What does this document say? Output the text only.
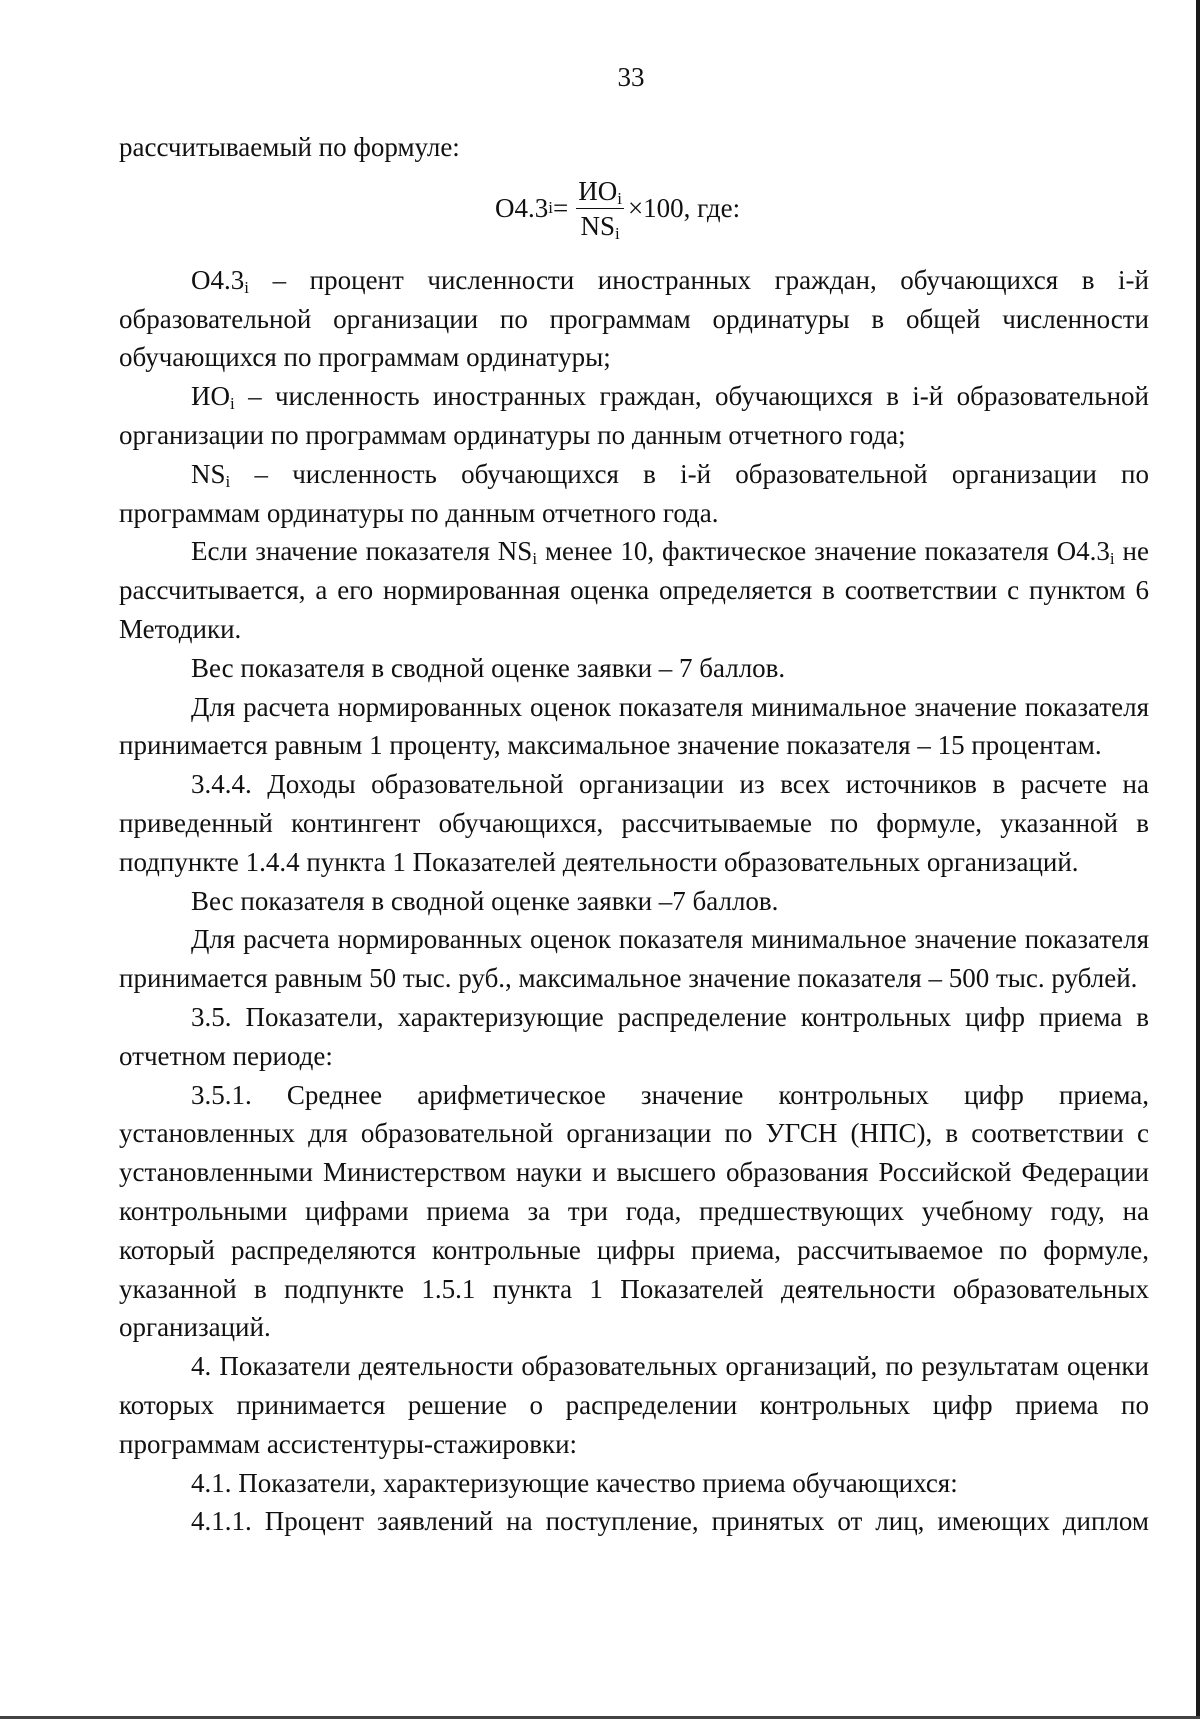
33

рассчитываемый по формуле:

О4.3 $i = \frac{ИО_i}{NS_i} \times 100$, где:

$О4.3_i$ – процент численности иностранных граждан, обучающихся в i-й образовательной организации по программам ординатуры в общей численности обучающихся по программам ординатуры;

$ИО_i$ – численность иностранных граждан, обучающихся в i-й образовательной организации по программам ординатуры по данным отчетного года;

$NS_i$ – численность обучающихся в i-й образовательной организации по программам ординатуры по данным отчетного года.

Если значение показателя $NS_i$ менее 10, фактическое значение показателя $О4.3_i$ не рассчитывается, а его нормированная оценка определяется в соответствии с пунктом 6 Методики.

Вес показателя в сводной оценке заявки – 7 баллов.

Для расчета нормированных оценок показателя минимальное значение показателя принимается равным 1 проценту, максимальное значение показателя – 15 процентам.

3.4.4. Доходы образовательной организации из всех источников в расчете на приведенный контингент обучающихся, рассчитываемые по формуле, указанной в подпункте 1.4.4 пункта 1 Показателей деятельности образовательных организаций.

Вес показателя в сводной оценке заявки –7 баллов.

Для расчета нормированных оценок показателя минимальное значение показателя принимается равным 50 тыс. руб., максимальное значение показателя – 500 тыс. рублей.

3.5. Показатели, характеризующие распределение контрольных цифр приема в отчетном периоде:

3.5.1. Среднее арифметическое значение контрольных цифр приема, установленных для образовательной организации по УГСН (НПС), в соответствии с установленными Министерством науки и высшего образования Российской Федерации контрольными цифрами приема за три года, предшествующих учебному году, на который распределяются контрольные цифры приема, рассчитываемое по формуле, указанной в подпункте 1.5.1 пункта 1 Показателей деятельности образовательных организаций.

4. Показатели деятельности образовательных организаций, по результатам оценки которых принимается решение о распределении контрольных цифр приема по программам ассистентуры-стажировки:

4.1. Показатели, характеризующие качество приема обучающихся:

4.1.1. Процент заявлений на поступление, принятых от лиц, имеющих диплом
